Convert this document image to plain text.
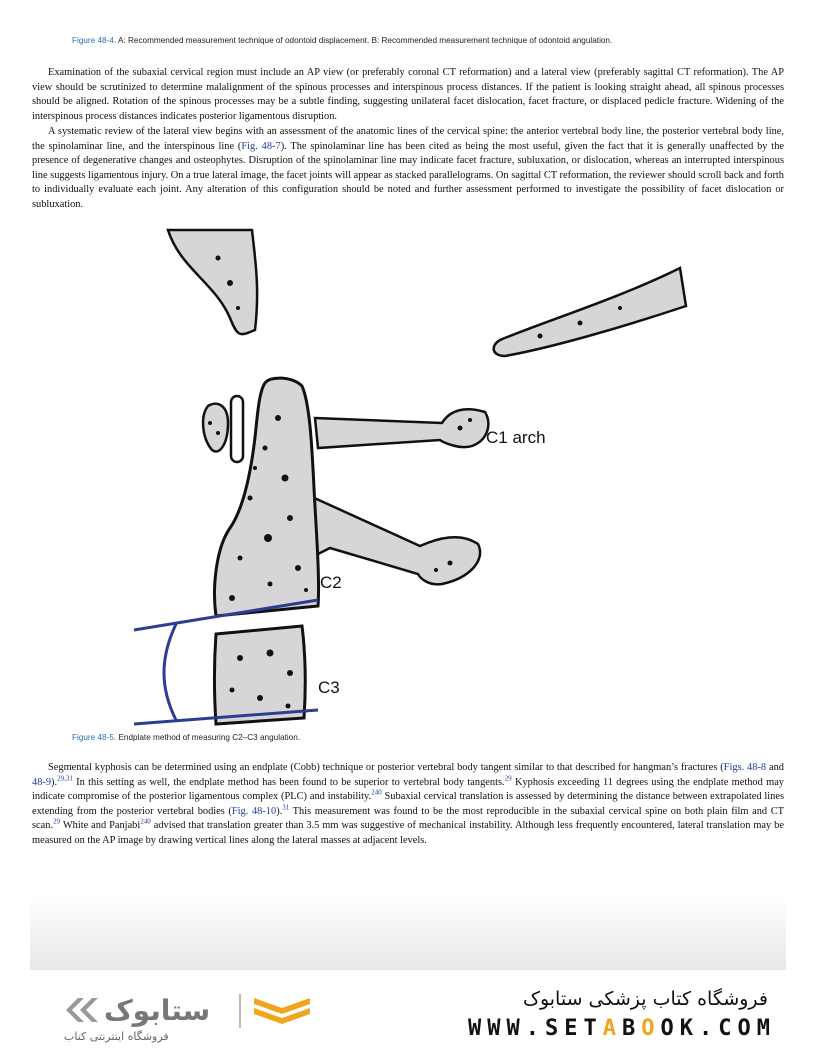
Figure 48-4. A: Recommended measurement technique of odontoid displacement. B: Recommended measurement technique of odontoid angulation.

Examination of the subaxial cervical region must include an AP view (or preferably coronal CT reformation) and a lateral view (preferably sagittal CT reformation). The AP view should be scrutinized to determine malalignment of the spinous processes and interspinous process distances. If the patient is looking straight ahead, all spinous processes should be aligned. Rotation of the spinous processes may be a subtle finding, suggesting unilateral facet dislocation, facet fracture, or displaced pedicle fracture. Widening of the interspinous process distances indicates posterior ligamentous disruption.

A systematic review of the lateral view begins with an assessment of the anatomic lines of the cervical spine: the anterior vertebral body line, the posterior vertebral body line, the spinolaminar line, and the interspinous line (Fig. 48-7). The spinolaminar line has been cited as being the most useful, given the fact that it is generally unaffected by the presence of degenerative changes and osteophytes. Disruption of the spinolaminar line may indicate facet fracture, subluxation, or dislocation, whereas an interrupted interspinous line suggests ligamentous injury. On a true lateral image, the facet joints will appear as stacked parallelograms. On sagittal CT reformation, the reviewer should scroll back and forth to individually evaluate each joint. Any alteration of this configuration should be noted and further assessment performed to investigate the possibility of facet dislocation or subluxation.

C1 arch
C2
C3
Figure 48-5. Endplate method of measuring C2–C3 angulation.

Segmental kyphosis can be determined using an endplate (Cobb) technique or posterior vertebral body tangent similar to that described for hangman’s fractures (Figs. 48-8 and 48-9).$^{29,31}$ In this setting as well, the endplate method has been found to be superior to vertebral body tangents.$^{29}$ Kyphosis exceeding 11 degrees using the endplate method may indicate compromise of the posterior ligamentous complex (PLC) and instability.$^{240}$ Subaxial cervical translation is assessed by determining the distance between extrapolated lines extending from the posterior vertebral bodies (Fig. 48-10).$^{31}$ This measurement was found to be the most reproducible in the subaxial cervical spine on both plain film and CT scan.$^{29}$ White and Panjabi$^{240}$ advised that translation greater than 3.5 mm was suggestive of mechanical instability. Although less frequently encountered, lateral translation may be measured on the AP image by drawing vertical lines along the lateral masses at adjacent levels.

ستابوک
فروشگاه اینترنتی کتاب
فروشگاه کتاب پزشکی ستابوک
WWW.SETABOOK.COM
